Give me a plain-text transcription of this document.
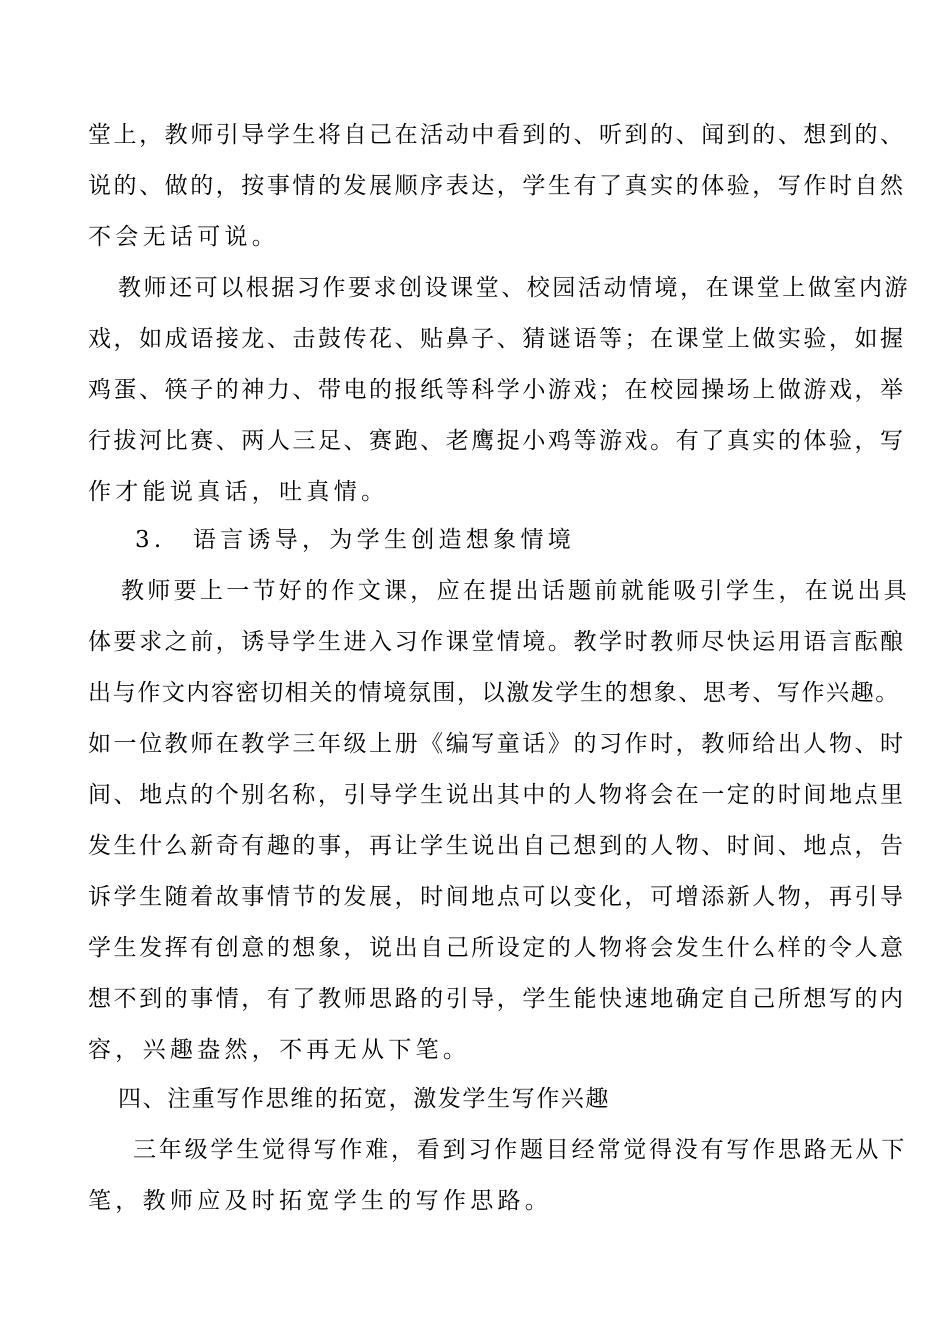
堂上，教师引导学生将自己在活动中看到的、听到的、闻到的、想到的、
说的、做的，按事情的发展顺序表达，学生有了真实的体验，写作时自然
不会无话可说。
教师还可以根据习作要求创设课堂、校园活动情境，在课堂上做室内游
戏，如成语接龙、击鼓传花、贴鼻子、猜谜语等；在课堂上做实验，如握
鸡蛋、筷子的神力、带电的报纸等科学小游戏；在校园操场上做游戏，举
行拔河比赛、两人三足、赛跑、老鹰捉小鸡等游戏。有了真实的体验，写
作才能说真话，吐真情。
3.　语言诱导，为学生创造想象情境
教师要上一节好的作文课，应在提出话题前就能吸引学生，在说出具
体要求之前，诱导学生进入习作课堂情境。教学时教师尽快运用语言酝酿
出与作文内容密切相关的情境氛围，以激发学生的想象、思考、写作兴趣。
如一位教师在教学三年级上册《编写童话》的习作时，教师给出人物、时
间、地点的个别名称，引导学生说出其中的人物将会在一定的时间地点里
发生什么新奇有趣的事，再让学生说出自己想到的人物、时间、地点，告
诉学生随着故事情节的发展，时间地点可以变化，可增添新人物，再引导
学生发挥有创意的想象，说出自己所设定的人物将会发生什么样的令人意
想不到的事情，有了教师思路的引导，学生能快速地确定自己所想写的内
容，兴趣盎然，不再无从下笔。
四、注重写作思维的拓宽，激发学生写作兴趣
三年级学生觉得写作难，看到习作题目经常觉得没有写作思路无从下
笔，教师应及时拓宽学生的写作思路。
